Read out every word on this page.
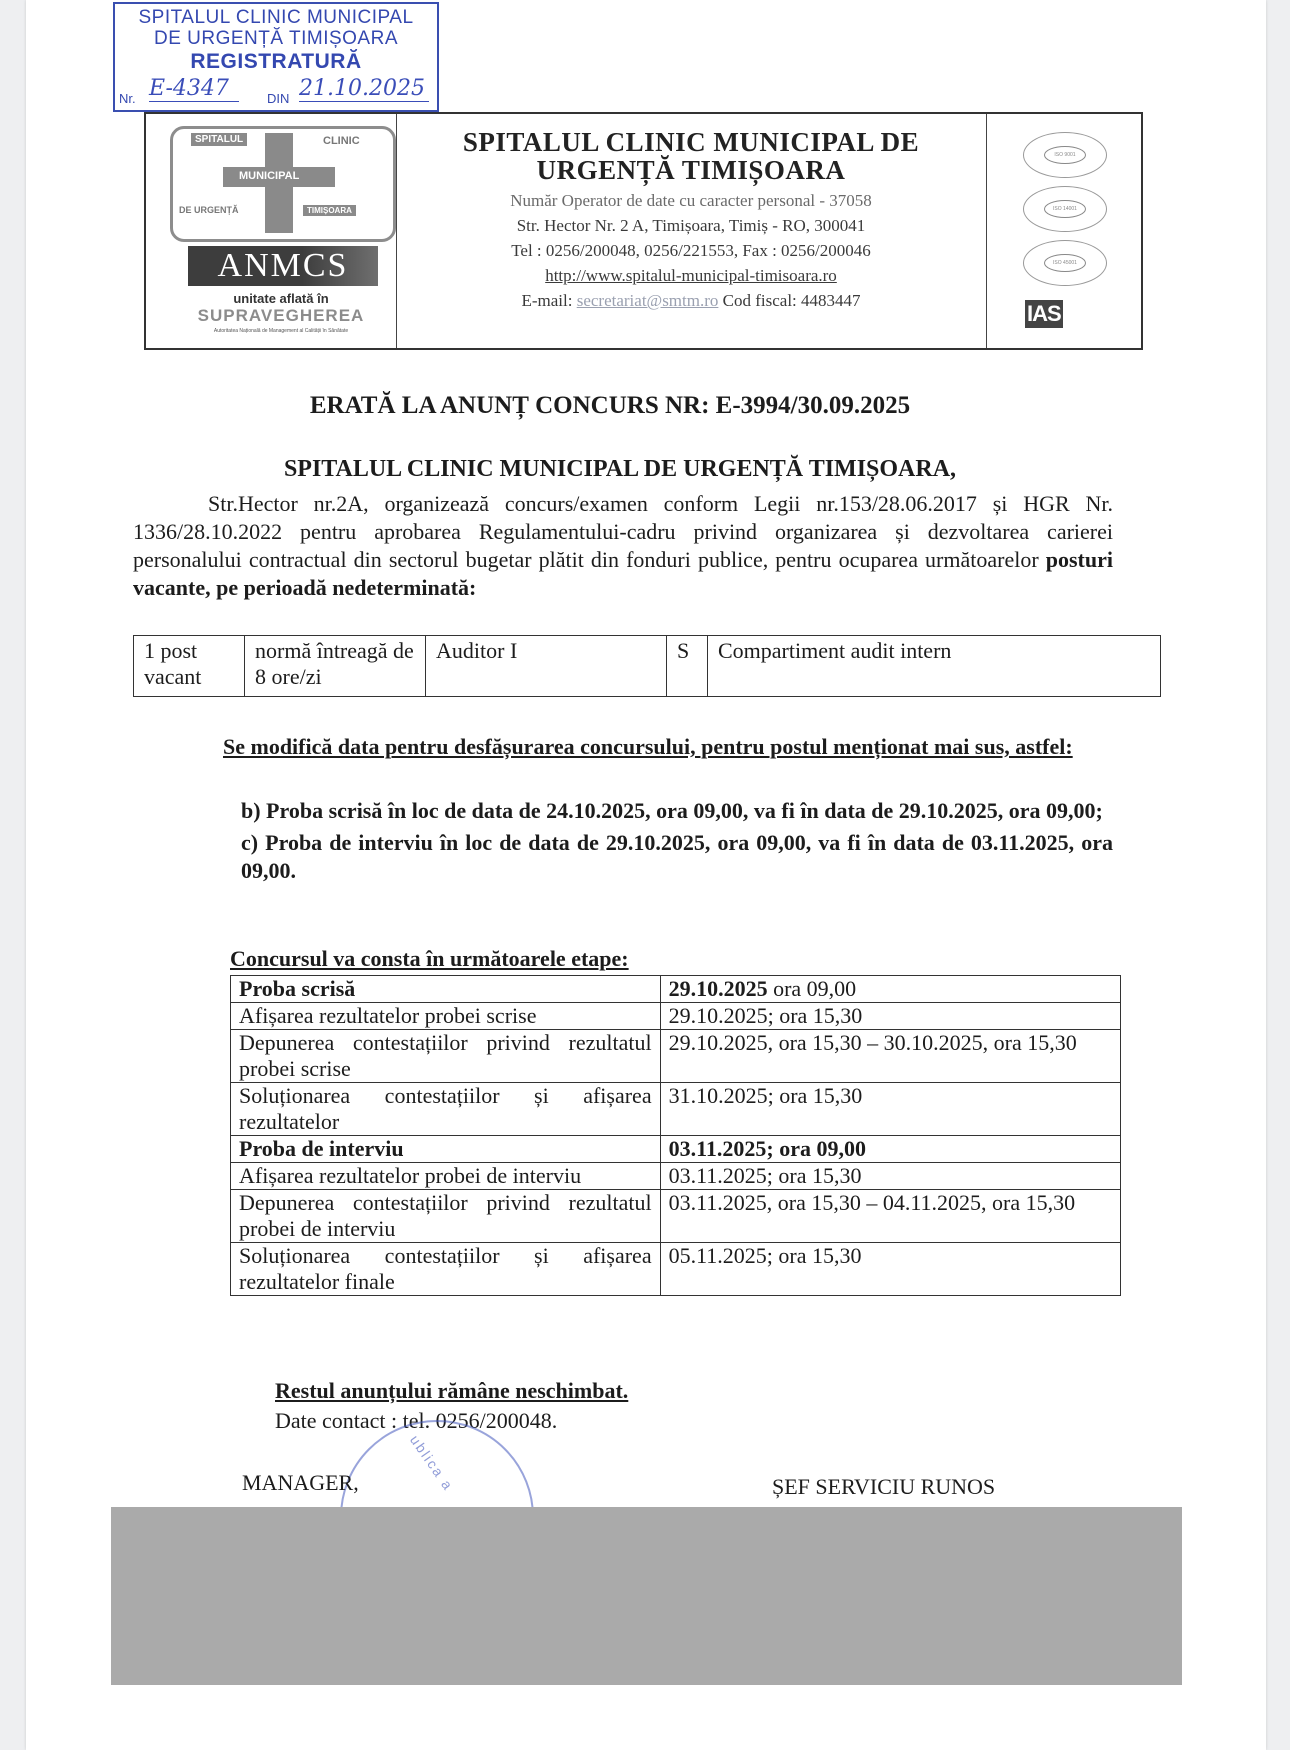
SPITALUL CLINIC MUNICIPAL
DE URGENȚĂ TIMIȘOARA
REGISTRATURĂ
Nr. E-4347	DIN 21.10.2025
SPITALUL	CLINIC
MUNICIPAL
DE URGENȚĂ	TIMIȘOARA
ANMCS
unitate aflată în
SUPRAVEGHEREA
Autoritatea Națională de Management al Calității în Sănătate
SPITALUL CLINIC MUNICIPAL DE
URGENȚĂ TIMIȘOARA
Număr Operator de date cu caracter personal - 37058
Str. Hector Nr. 2 A, Timișoara, Timiș - RO, 300041
Tel : 0256/200048, 0256/221553, Fax : 0256/200046
http://www.spitalul-municipal-timisoara.ro
E-mail: secretariat@smtm.ro Cod fiscal: 4483447
ISO 9001
ISO 14001
ISO 45001
IAS
ERATĂ LA ANUNȚ CONCURS NR: E-3994/30.09.2025
SPITALUL CLINIC MUNICIPAL DE URGENȚĂ TIMIȘOARA,
Str.Hector nr.2A, organizează concurs/examen conform Legii nr.153/28.06.2017 și HGR Nr. 1336/28.10.2022 pentru aprobarea Regulamentului-cadru privind organizarea și dezvoltarea carierei personalului contractual din sectorul bugetar plătit din fonduri publice, pentru ocuparea următoarelor posturi vacante, pe perioadă nedeterminată:
1 post vacant	normă întreagă de 8 ore/zi	Auditor I	S	Compartiment audit intern
Se modifică data pentru desfășurarea concursului, pentru postul menționat mai sus, astfel:

b) Proba scrisă în loc de data de 24.10.2025, ora 09,00, va fi în data de 29.10.2025, ora 09,00;

c) Proba de interviu în loc de data de 29.10.2025, ora 09,00, va fi în data de 03.11.2025, ora 09,00.

Concursul va consta în următoarele etape:
Proba scrisă	29.10.2025 ora 09,00
Afișarea rezultatelor probei scrise	29.10.2025; ora 15,30
Depunerea contestațiilor privind rezultatul probei scrise	29.10.2025, ora 15,30 – 30.10.2025, ora 15,30
Soluționarea contestațiilor și afișarea rezultatelor	31.10.2025; ora 15,30
Proba de interviu	03.11.2025; ora 09,00
Afișarea rezultatelor probei de interviu	03.11.2025; ora 15,30
Depunerea contestațiilor privind rezultatul probei de interviu	03.11.2025, ora 15,30 – 04.11.2025, ora 15,30
Soluționarea contestațiilor și afișarea rezultatelor finale	05.11.2025; ora 15,30
Restul anunțului rămâne neschimbat.
Date contact : tel. 0256/200048.
ublica a
MANAGER,	ȘEF SERVICIU RUNOS
